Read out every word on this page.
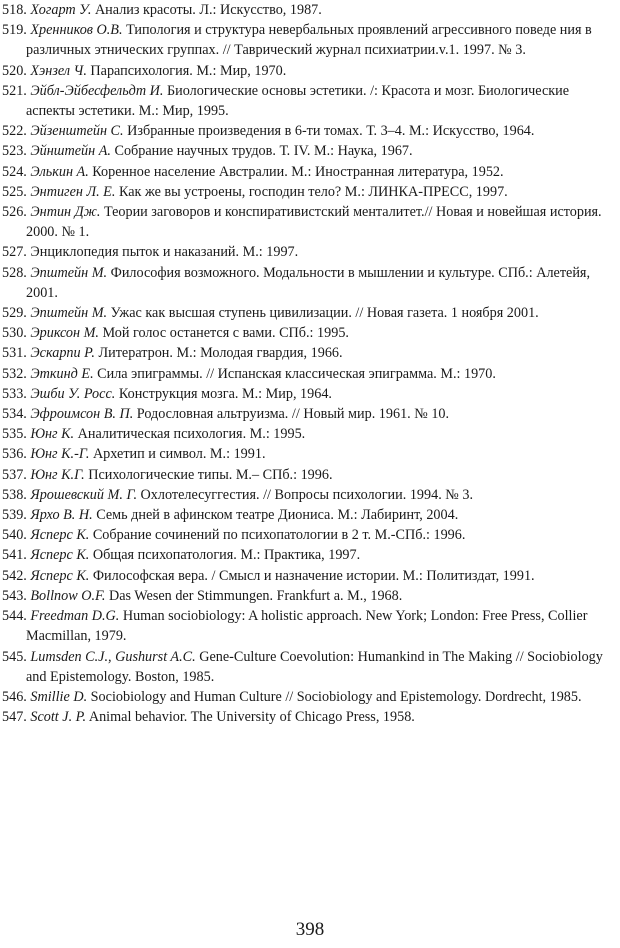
518. Хогарт У. Анализ красоты. Л.: Искусство, 1987.
519. Хренников О.В. Типология и структура невербальных проявлений агрессивного поведе ния в различных этнических группах. // Таврический журнал психиатрии.v.1. 1997. № 3.
520. Хэнзел Ч. Парапсихология. М.: Мир, 1970.
521. Эйбл-Эйбесфельдт И. Биологические основы эстетики. /: Красота и мозг. Биологические аспекты эстетики. М.: Мир, 1995.
522. Эйзенштейн С. Избранные произведения в 6-ти томах. Т. 3–4. М.: Искусство, 1964.
523. Эйнштейн А. Собрание научных трудов. Т. IV. М.: Наука, 1967.
524. Элькин А. Коренное население Австралии. М.: Иностранная литература, 1952.
525. Энтиген Л. Е. Как же вы устроены, господин тело? М.: ЛИНКА-ПРЕСС, 1997.
526. Энтин Дж. Теории заговоров и конспиративистский менталитет.// Новая и новейшая история. 2000. № 1.
527. Энциклопедия пыток и наказаний. М.: 1997.
528. Эпштейн М. Философия возможного. Модальности в мышлении и культуре. СПб.: Алетейя, 2001.
529. Эпштейн М. Ужас как высшая ступень цивилизации. // Новая газета. 1 ноября 2001.
530. Эриксон М. Мой голос останется с вами. СПб.: 1995.
531. Эскарпи Р. Литератрон. М.: Молодая гвардия, 1966.
532. Эткинд Е. Сила эпиграммы. // Испанская классическая эпиграмма. М.: 1970.
533. Эшби У. Росс. Конструкция мозга. М.: Мир, 1964.
534. Эфроимсон В. П. Родословная альтруизма. // Новый мир. 1961. № 10.
535. Юнг К. Аналитическая психология. М.: 1995.
536. Юнг К.-Г. Архетип и символ. М.: 1991.
537. Юнг К.Г. Психологические типы. М.– СПб.: 1996.
538. Ярошевский М. Г. Охлотелесуггестия. // Вопросы психологии. 1994. № 3.
539. Ярхо В. Н. Семь дней в афинском театре Диониса. М.: Лабиринт, 2004.
540. Ясперс К. Собрание сочинений по психопатологии в 2 т. М.-СПб.: 1996.
541. Ясперс К. Общая психопатология. М.: Практика, 1997.
542. Ясперс К. Философская вера. / Смысл и назначение истории. М.: Политиздат, 1991.
543. Bollnow O.F. Das Wesen der Stimmungen. Frankfurt a. M., 1968.
544. Freedman D.G. Human sociobiology: A holistic approach. New York; London: Free Press, Collier Macmillan, 1979.
545. Lumsden C.J., Gushurst A.C. Gene-Culture Coevolution: Humankind in The Making // Sociobiology and Epistemology. Boston, 1985.
546. Smillie D. Sociobiology and Human Culture // Sociobiology and Epistemology. Dordrecht, 1985.
547. Scott J. P. Animal behavior. The University of Chicago Press, 1958.
398
